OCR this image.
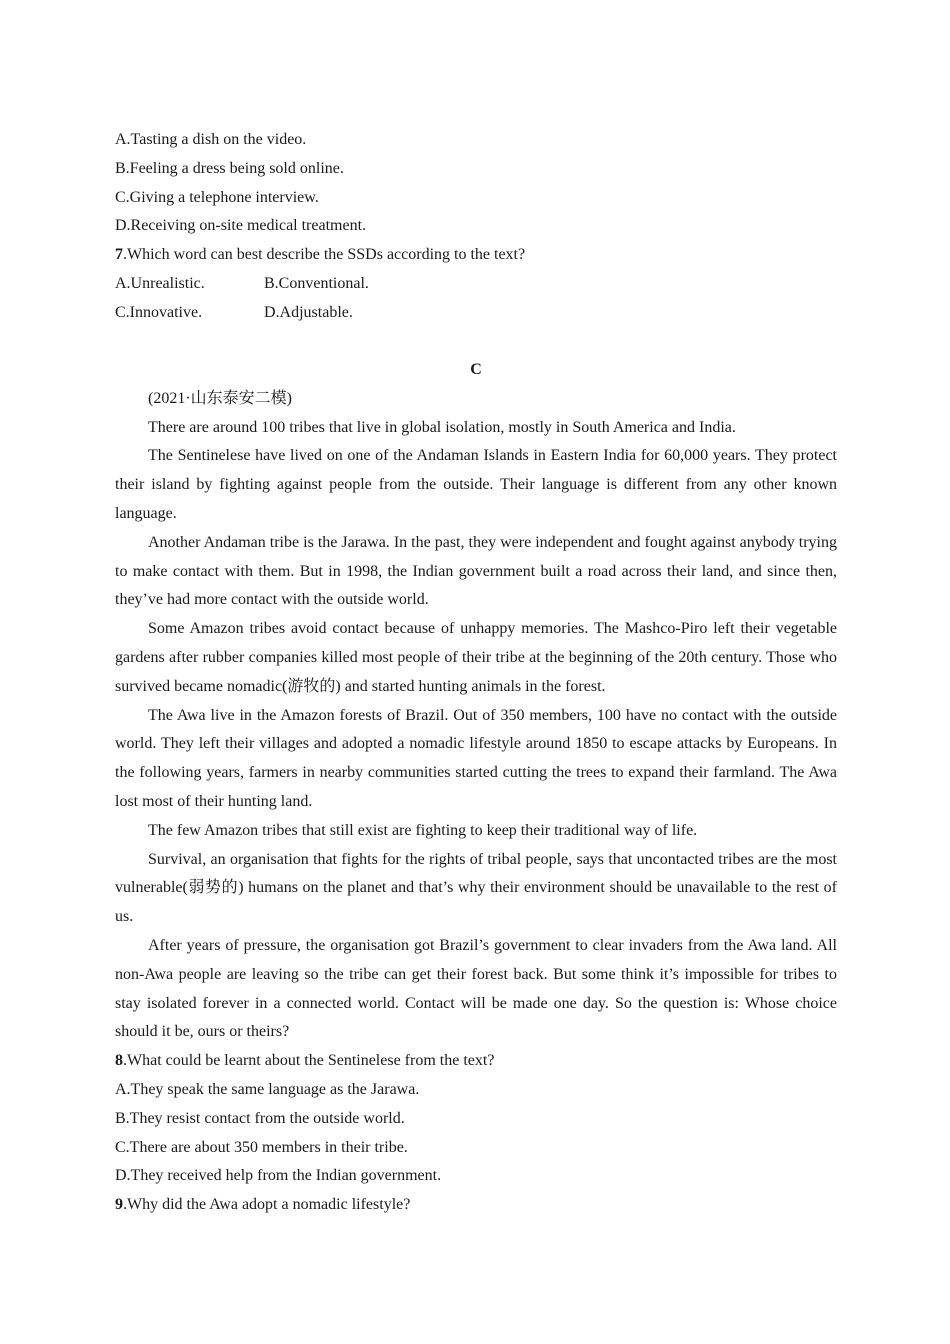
A.Tasting a dish on the video.
B.Feeling a dress being sold online.
C.Giving a telephone interview.
D.Receiving on-site medical treatment.
7.Which word can best describe the SSDs according to the text?
A.Unrealistic.	B.Conventional.
C.Innovative.	D.Adjustable.
C
(2021·山东泰安二模)
There are around 100 tribes that live in global isolation, mostly in South America and India.
The Sentinelese have lived on one of the Andaman Islands in Eastern India for 60,000 years. They protect their island by fighting against people from the outside. Their language is different from any other known language.
Another Andaman tribe is the Jarawa. In the past, they were independent and fought against anybody trying to make contact with them. But in 1998, the Indian government built a road across their land, and since then, they’ve had more contact with the outside world.
Some Amazon tribes avoid contact because of unhappy memories. The Mashco-Piro left their vegetable gardens after rubber companies killed most people of their tribe at the beginning of the 20th century. Those who survived became nomadic(游牧的) and started hunting animals in the forest.
The Awa live in the Amazon forests of Brazil. Out of 350 members, 100 have no contact with the outside world. They left their villages and adopted a nomadic lifestyle around 1850 to escape attacks by Europeans. In the following years, farmers in nearby communities started cutting the trees to expand their farmland. The Awa lost most of their hunting land.
The few Amazon tribes that still exist are fighting to keep their traditional way of life.
Survival, an organisation that fights for the rights of tribal people, says that uncontacted tribes are the most vulnerable(弱势的) humans on the planet and that’s why their environment should be unavailable to the rest of us.
After years of pressure, the organisation got Brazil’s government to clear invaders from the Awa land. All non-Awa people are leaving so the tribe can get their forest back. But some think it’s impossible for tribes to stay isolated forever in a connected world. Contact will be made one day. So the question is: Whose choice should it be, ours or theirs?
8.What could be learnt about the Sentinelese from the text?
A.They speak the same language as the Jarawa.
B.They resist contact from the outside world.
C.There are about 350 members in their tribe.
D.They received help from the Indian government.
9.Why did the Awa adopt a nomadic lifestyle?
